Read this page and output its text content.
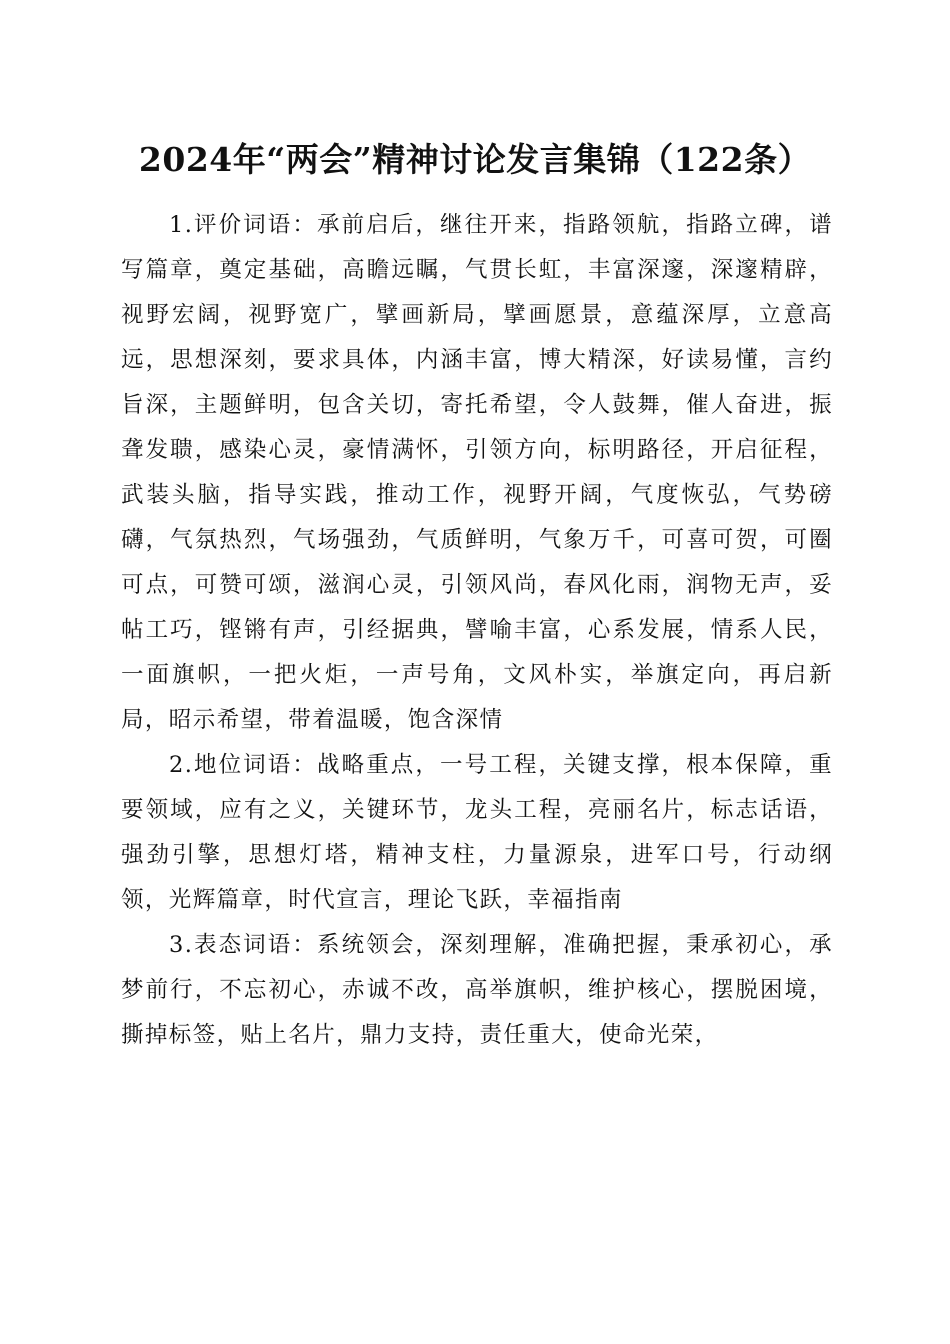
2024年“两会”精神讨论发言集锦（122条）

1.评价词语：承前启后，继往开来，指路领航，指路立碑，谱写篇章，奠定基础，高瞻远瞩，气贯长虹，丰富深邃，深邃精辟，视野宏阔，视野宽广，擘画新局，擘画愿景，意蕴深厚，立意高远，思想深刻，要求具体，内涵丰富，博大精深，好读易懂，言约旨深，主题鲜明，包含关切，寄托希望，令人鼓舞，催人奋进，振聋发聩，感染心灵，豪情满怀，引领方向，标明路径，开启征程，武装头脑，指导实践，推动工作，视野开阔，气度恢弘，气势磅礴，气氛热烈，气场强劲，气质鲜明，气象万千，可喜可贺，可圈可点，可赞可颂，滋润心灵，引领风尚，春风化雨，润物无声，妥帖工巧，铿锵有声，引经据典，譬喻丰富，心系发展，情系人民，一面旗帜，一把火炬，一声号角，文风朴实，举旗定向，再启新局，昭示希望，带着温暖，饱含深情

2.地位词语：战略重点，一号工程，关键支撑，根本保障，重要领域，应有之义，关键环节，龙头工程，亮丽名片，标志话语，强劲引擎，思想灯塔，精神支柱，力量源泉，进军口号，行动纲领，光辉篇章，时代宣言，理论飞跃，幸福指南

3.表态词语：系统领会，深刻理解，准确把握，秉承初心，承梦前行，不忘初心，赤诚不改，高举旗帜，维护核心，摆脱困境，撕掉标签，贴上名片，鼎力支持，责任重大，使命光荣，
